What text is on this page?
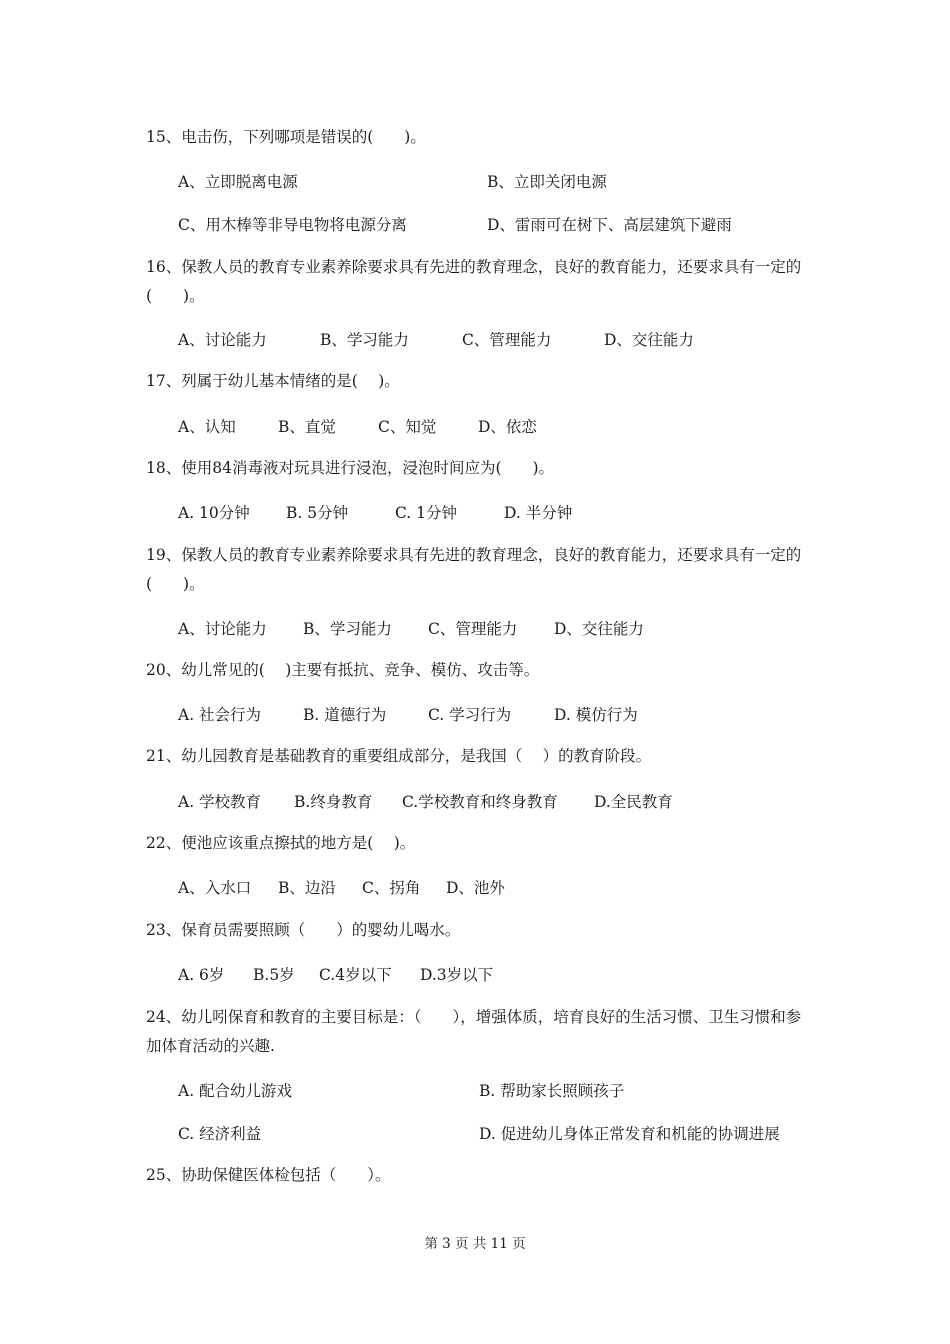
15、电击伤，下列哪项是错误的(　　)。
A、立即脱离电源	B、立即关闭电源
C、用木棒等非导电物将电源分离	D、雷雨可在树下、高层建筑下避雨
16、保教人员的教育专业素养除要求具有先进的教育理念，良好的教育能力，还要求具有一定的(　　)。
A、讨论能力	B、学习能力	C、管理能力	D、交往能力
17、列属于幼儿基本情绪的是(　 )。
A、认知	B、直觉	C、知觉	D、依恋
18、使用84消毒液对玩具进行浸泡，浸泡时间应为(　　)。
A. 10分钟 B. 5分钟	C. 1分钟	D. 半分钟
19、保教人员的教育专业素养除要求具有先进的教育理念，良好的教育能力，还要求具有一定的(　　)。
A、讨论能力 B、学习能力 C、管理能力 D、交往能力
20、幼儿常见的(　 )主要有抵抗、竞争、模仿、攻击等。
A. 社会行为	B. 道德行为	C. 学习行为	D. 模仿行为
21、幼儿园教育是基础教育的重要组成部分，是我国（　 ）的教育阶段。
A. 学校教育 B.终身教育 C.学校教育和终身教育 D.全民教育
22、便池应该重点擦拭的地方是(　 )。
A、入水口 B、边沿 C、拐角 D、池外
23、保育员需要照顾（　　）的婴幼儿喝水。
A. 6岁 B.5岁 C.4岁以下 D.3岁以下
24、幼儿吲保育和教育的主要目标是：（　　），增强体质，培育良好的生活习惯、卫生习惯和参加体育活动的兴趣.
A. 配合幼儿游戏	B. 帮助家长照顾孩子
C. 经济利益	D. 促进幼儿身体正常发育和机能的协调进展
25、协助保健医体检包括（　　）。
第 3 页 共 11 页
